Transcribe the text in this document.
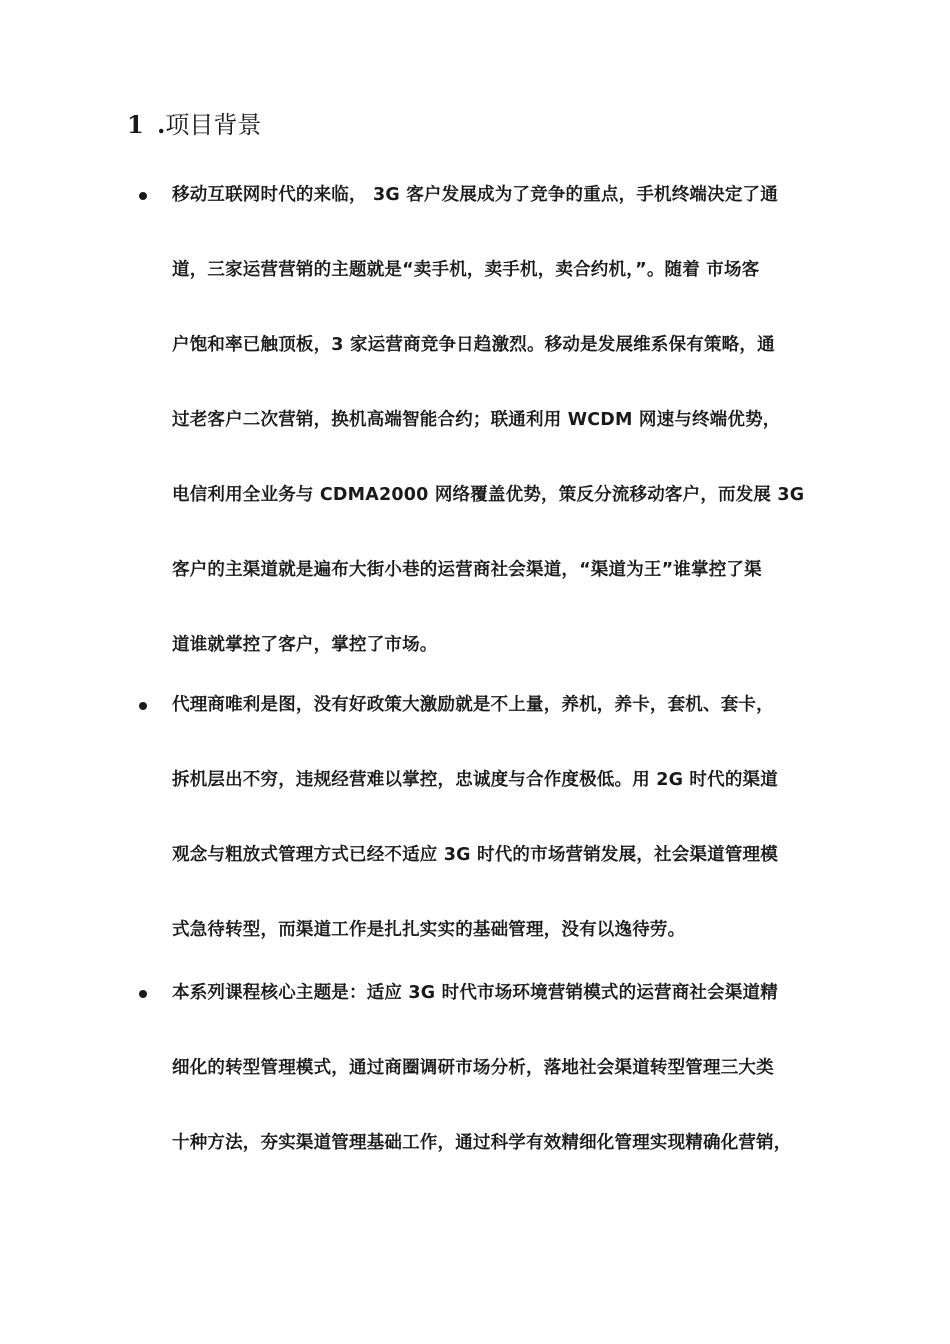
1 .项目背景

移动互联网时代的来临， 3G 客户发展成为了竞争的重点，手机终端决定了通
道，三家运营营销的主题就是“卖手机，卖手机，卖合约机，”。随着 市场客
户饱和率已触顶板，3 家运营商竞争日趋激烈。移动是发展维系保有策略，通
过老客户二次营销，换机高端智能合约；联通利用 WCDM 网速与终端优势，
电信利用全业务与 CDMA2000 网络覆盖优势，策反分流移动客户，而发展 3G
客户的主渠道就是遍布大街小巷的运营商社会渠道，“渠道为王”谁掌控了渠
道谁就掌控了客户，掌控了市场。

代理商唯利是图，没有好政策大激励就是不上量，养机，养卡，套机、套卡，
拆机层出不穷，违规经营难以掌控，忠诚度与合作度极低。用 2G 时代的渠道
观念与粗放式管理方式已经不适应 3G 时代的市场营销发展，社会渠道管理模
式急待转型，而渠道工作是扎扎实实的基础管理，没有以逸待劳。

本系列课程核心主题是：适应 3G 时代市场环境营销模式的运营商社会渠道精
细化的转型管理模式，通过商圈调研市场分析，落地社会渠道转型管理三大类
十种方法，夯实渠道管理基础工作，通过科学有效精细化管理实现精确化营销，
